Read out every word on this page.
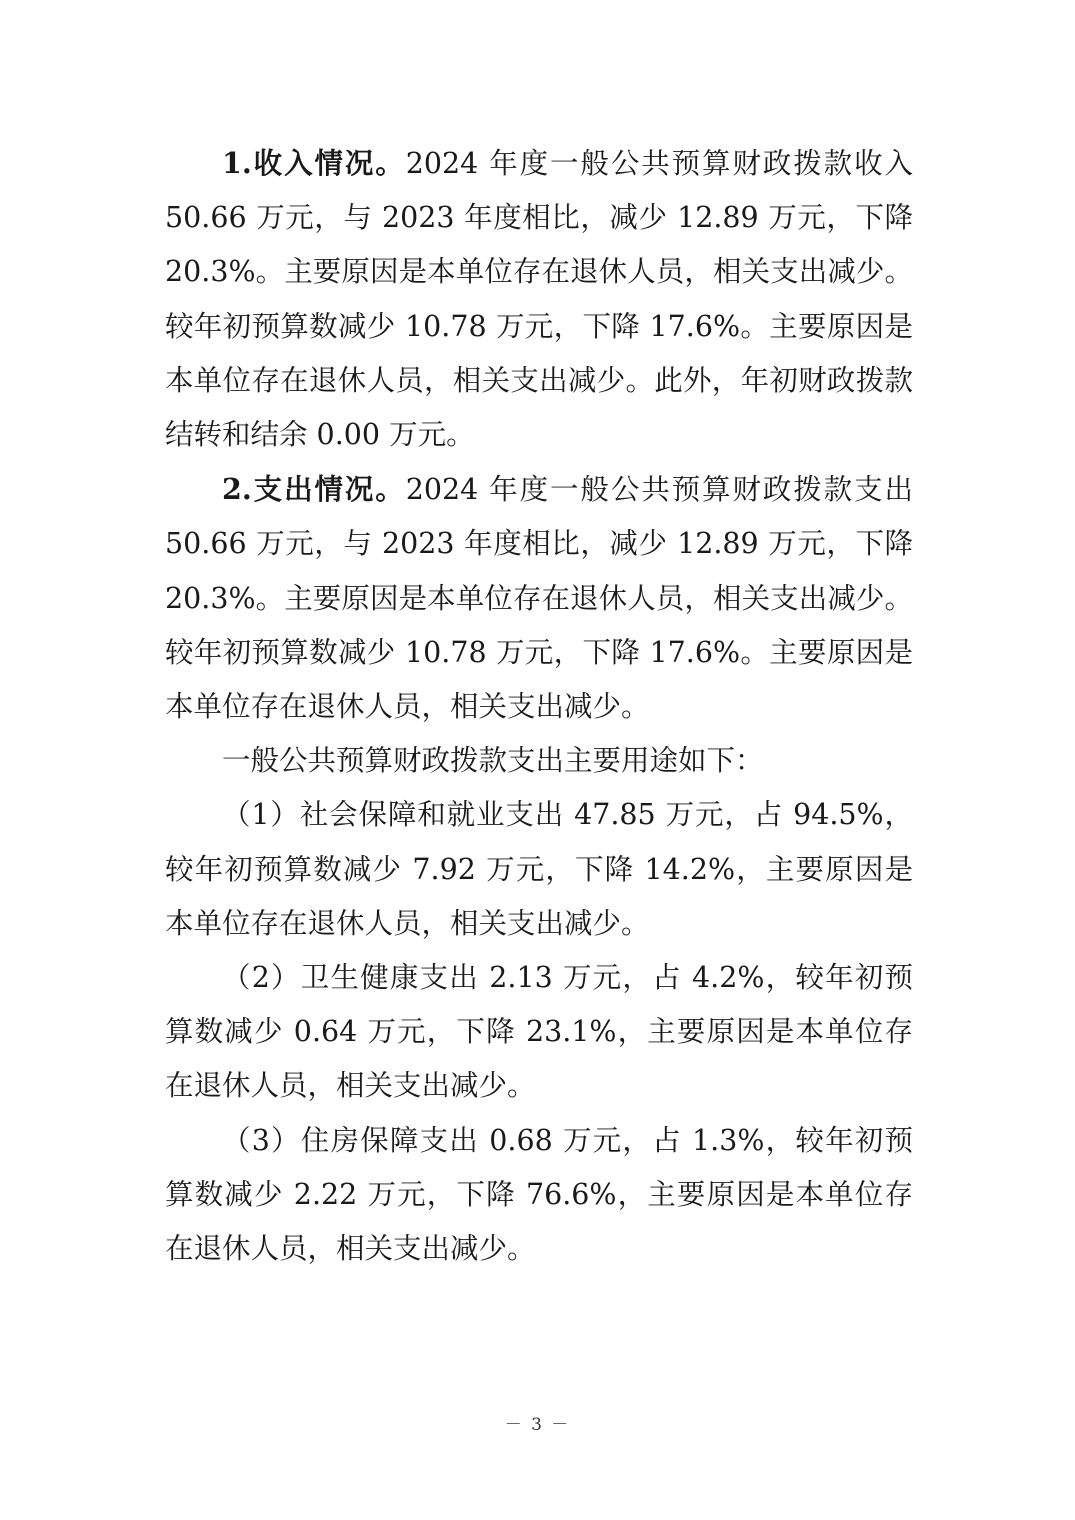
1.收入情况。2024 年度一般公共预算财政拨款收入 50.66 万元，与 2023 年度相比，减少 12.89 万元，下降 20.3%。主要原因是本单位存在退休人员，相关支出减少。较年初预算数减少 10.78 万元，下降 17.6%。主要原因是本单位存在退休人员，相关支出减少。此外，年初财政拨款结转和结余 0.00 万元。

2.支出情况。2024 年度一般公共预算财政拨款支出 50.66 万元，与 2023 年度相比，减少 12.89 万元，下降 20.3%。主要原因是本单位存在退休人员，相关支出减少。较年初预算数减少 10.78 万元，下降 17.6%。主要原因是本单位存在退休人员，相关支出减少。

一般公共预算财政拨款支出主要用途如下：

（1）社会保障和就业支出 47.85 万元，占 94.5%，较年初预算数减少 7.92 万元，下降 14.2%，主要原因是本单位存在退休人员，相关支出减少。

（2）卫生健康支出 2.13 万元，占 4.2%，较年初预算数减少 0.64 万元，下降 23.1%，主要原因是本单位存在退休人员，相关支出减少。

（3）住房保障支出 0.68 万元，占 1.3%，较年初预算数减少 2.22 万元，下降 76.6%，主要原因是本单位存在退休人员，相关支出减少。

－ 3 －
